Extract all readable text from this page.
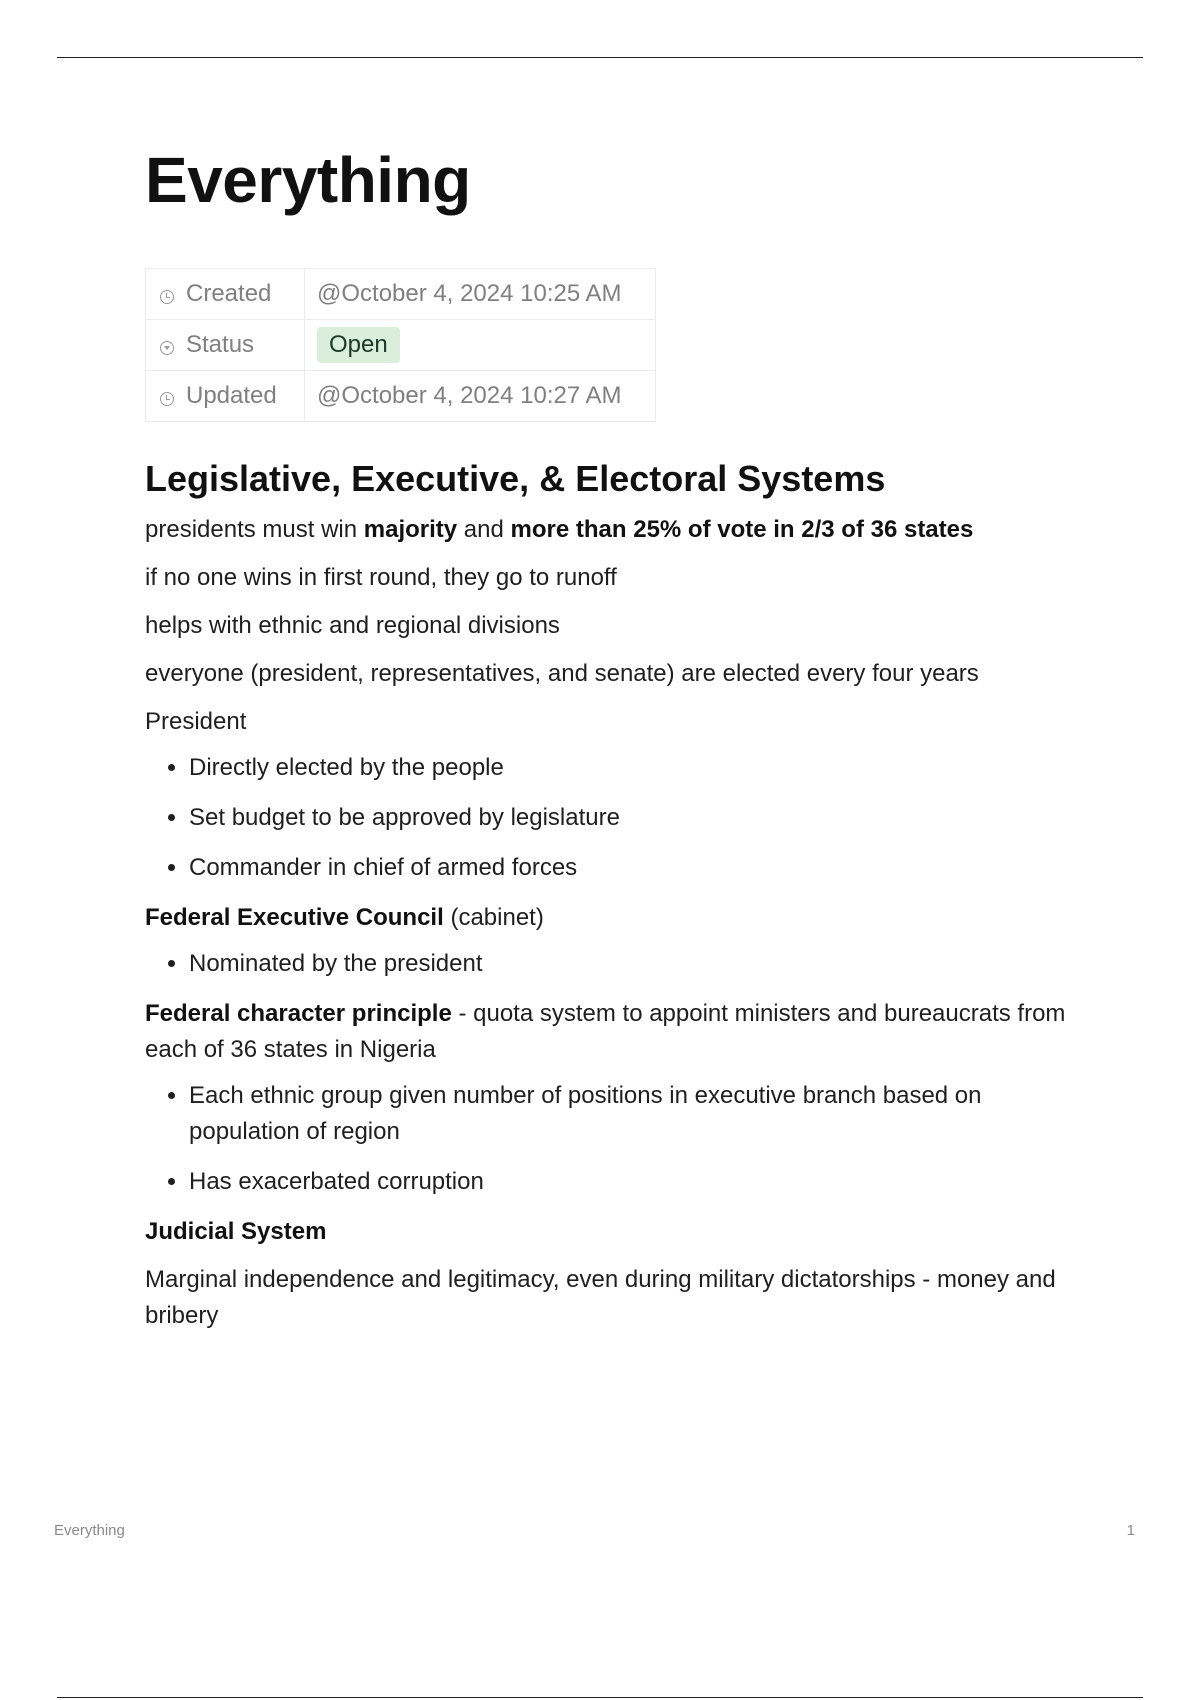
Everything
Created	@October 4, 2024 10:25 AM
Status	Open
Updated	@October 4, 2024 10:27 AM
Legislative, Executive, & Electoral Systems

presidents must win majority and more than 25% of vote in 2/3 of 36 states

if no one wins in first round, they go to runoff

helps with ethnic and regional divisions

everyone (president, representatives, and senate) are elected every four years

President

• Directly elected by the people
• Set budget to be approved by legislature
• Commander in chief of armed forces

Federal Executive Council (cabinet)

• Nominated by the president

Federal character principle - quota system to appoint ministers and bureaucrats from each of 36 states in Nigeria

• Each ethnic group given number of positions in executive branch based on population of region
• Has exacerbated corruption

Judicial System

Marginal independence and legitimacy, even during military dictatorships - money and bribery

Everything	1
